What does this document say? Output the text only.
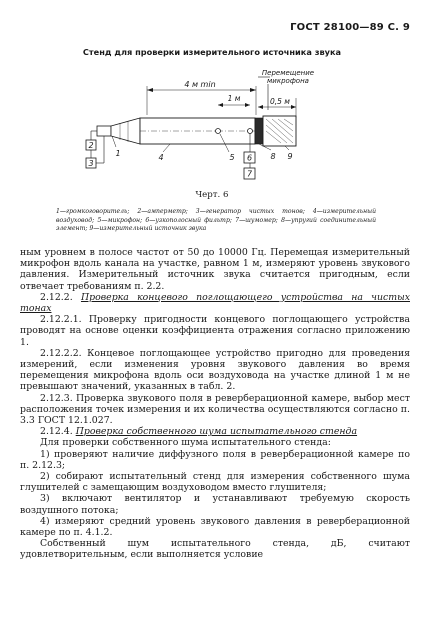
ГОСТ 28100—89 С. 9
Стенд для проверки измерительного источника звука
Перемещение
микрофона
4 м min
1 м	0,5 м
2
3
1	4	5 6
7
8 9
Черт. 6
1—громкоговоритель; 2—амперметр; 3—генератор чистых тонов; 4—измерительный воздуховод; 5—микрофон; 6—узкополосный фильтр; 7—шумомер; 8—упругий соединительный элемент; 9—измерительный источник звука

ным уровнем в полосе частот от 50 до 10000 Гц. Перемещая измерительный микрофон вдоль канала на участке, равном 1 м, измеряют уровень звукового давления. Измерительный источник звука считается пригодным, если отвечает требованиям п. 2.2.

2.12.2. Проверка концевого поглощающего устройства на чистых тонах

2.12.2.1. Проверку пригодности концевого поглощающего устройства проводят на основе оценки коэффициента отражения согласно приложению 1.

2.12.2.2. Концевое поглощающее устройство пригодно для проведения измерений, если изменения уровня звукового давления во время перемещения микрофона вдоль оси воздуховода на участке длиной 1 м не превышают значений, указанных в табл. 2.

2.12.3. Проверка звукового поля в реверберационной камере, выбор мест расположения точек измерения и их количества осуществляются согласно п. 3.3 ГОСТ 12.1.027.

2.12.4. Проверка собственного шума испытательного стенда

Для проверки собственного шума испытательного стенда:

1) проверяют наличие диффузного поля в реверберационной камере по п. 2.12.3;

2) собирают испытательный стенд для измерения собственного шума глушителей с замещающим воздуховодом вместо глушителя;

3) включают вентилятор и устанавливают требуемую скорость воздушного потока;

4) измеряют средний уровень звукового давления в реверберационной камере по п. 4.1.2.

Собственный шум испытательного стенда, дБ, считают удовлетворительным, если выполняется условие
